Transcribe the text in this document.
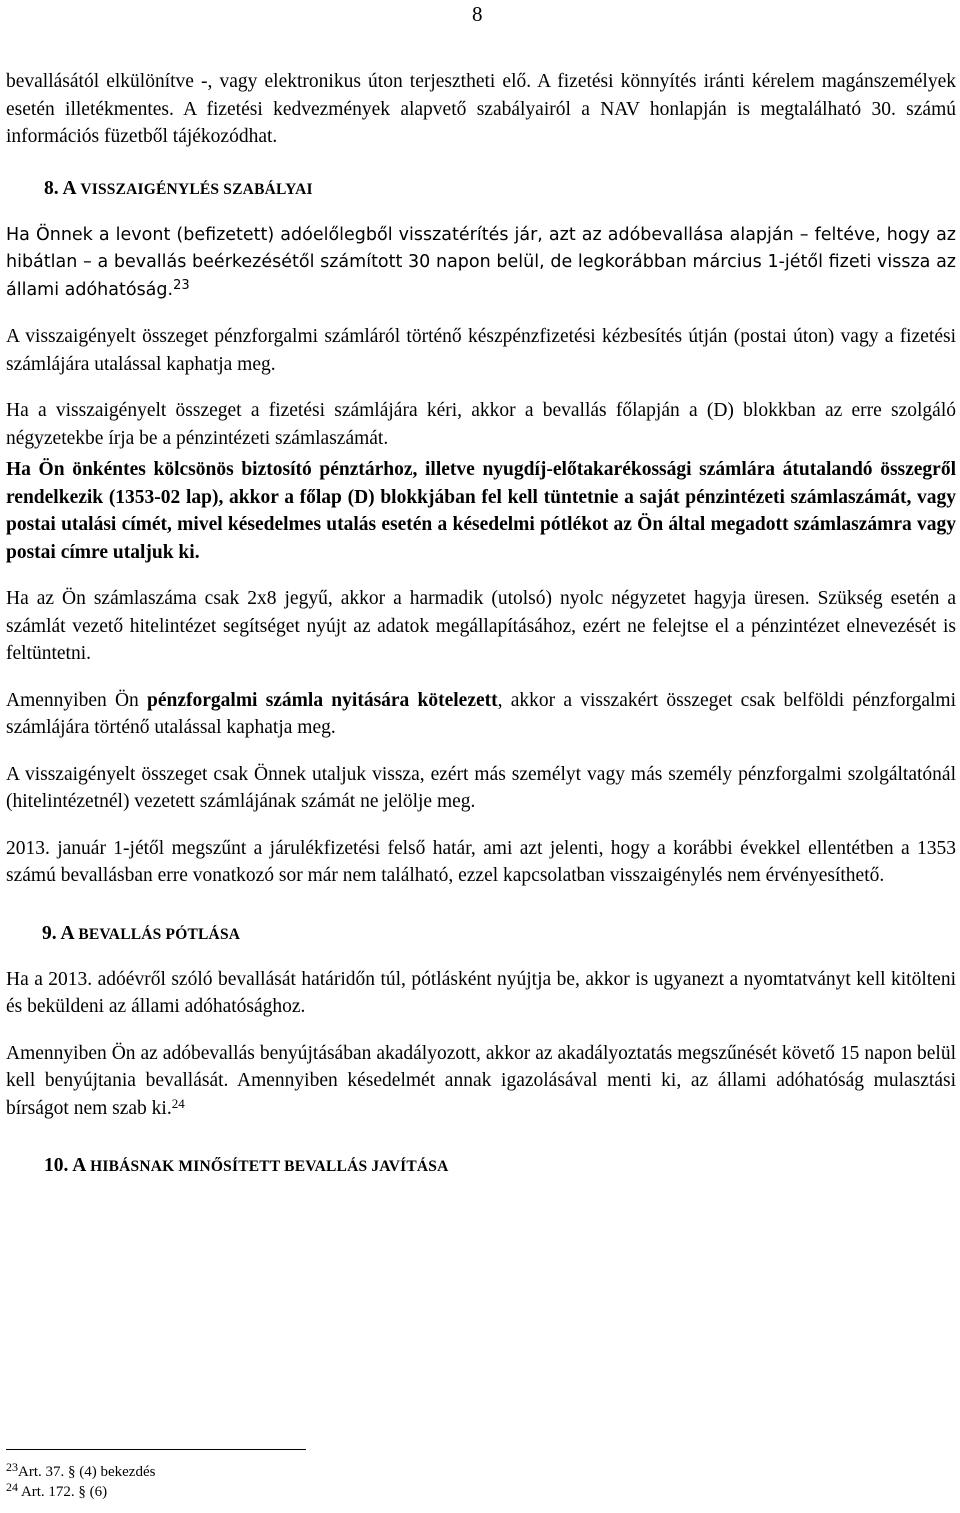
8

bevallásától elkülönítve -, vagy elektronikus úton terjesztheti elő. A fizetési könnyítés iránti kérelem magánszemélyek esetén illetékmentes. A fizetési kedvezmények alapvető szabályairól a NAV honlapján is megtalálható 30. számú információs füzetből tájékozódhat.

8. A VISSZAIGÉNYLÉS SZABÁLYAI

Ha Önnek a levont (befizetett) adóelőlegből visszatérítés jár, azt az adóbevallása alapján – feltéve, hogy az hibátlan – a bevallás beérkezésétől számított 30 napon belül, de legkorábban március 1-jétől fizeti vissza az állami adóhatóság.$^{23}$

A visszaigényelt összeget pénzforgalmi számláról történő készpénzfizetési kézbesítés útján (postai úton) vagy a fizetési számlájára utalással kaphatja meg.

Ha a visszaigényelt összeget a fizetési számlájára kéri, akkor a bevallás főlapján a (D) blokkban az erre szolgáló négyzetekbe írja be a pénzintézeti számlaszámát.

Ha Ön önkéntes kölcsönös biztosító pénztárhoz, illetve nyugdíj-előtakarékossági számlára átutalandó összegről rendelkezik (1353-02 lap), akkor a főlap (D) blokkjában fel kell tüntetnie a saját pénzintézeti számlaszámát, vagy postai utalási címét, mivel késedelmes utalás esetén a késedelmi pótlékot az Ön által megadott számlaszámra vagy postai címre utaljuk ki.

Ha az Ön számlaszáma csak 2x8 jegyű, akkor a harmadik (utolsó) nyolc négyzetet hagyja üresen. Szükség esetén a számlát vezető hitelintézet segítséget nyújt az adatok megállapításához, ezért ne felejtse el a pénzintézet elnevezését is feltüntetni.

Amennyiben Ön pénzforgalmi számla nyitására kötelezett, akkor a visszakért összeget csak belföldi pénzforgalmi számlájára történő utalással kaphatja meg.

A visszaigényelt összeget csak Önnek utaljuk vissza, ezért más személyt vagy más személy pénzforgalmi szolgáltatónál (hitelintézetnél) vezetett számlájának számát ne jelölje meg.

2013. január 1-jétől megszűnt a járulékfizetési felső határ, ami azt jelenti, hogy a korábbi évekkel ellentétben a 1353 számú bevallásban erre vonatkozó sor már nem található, ezzel kapcsolatban visszaigénylés nem érvényesíthető.

9. A BEVALLÁS PÓTLÁSA

Ha a 2013. adóévről szóló bevallását határidőn túl, pótlásként nyújtja be, akkor is ugyanezt a nyomtatványt kell kitölteni és beküldeni az állami adóhatósághoz.

Amennyiben Ön az adóbevallás benyújtásában akadályozott, akkor az akadályoztatás megszűnését követő 15 napon belül kell benyújtania bevallását. Amennyiben késedelmét annak igazolásával menti ki, az állami adóhatóság mulasztási bírságot nem szab ki.$^{24}$

10. A HIBÁSNAK MINŐSÍTETT BEVALLÁS JAVÍTÁSA

$^{23}$Art. 37. § (4) bekezdés
$^{24}$ Art. 172. § (6)
